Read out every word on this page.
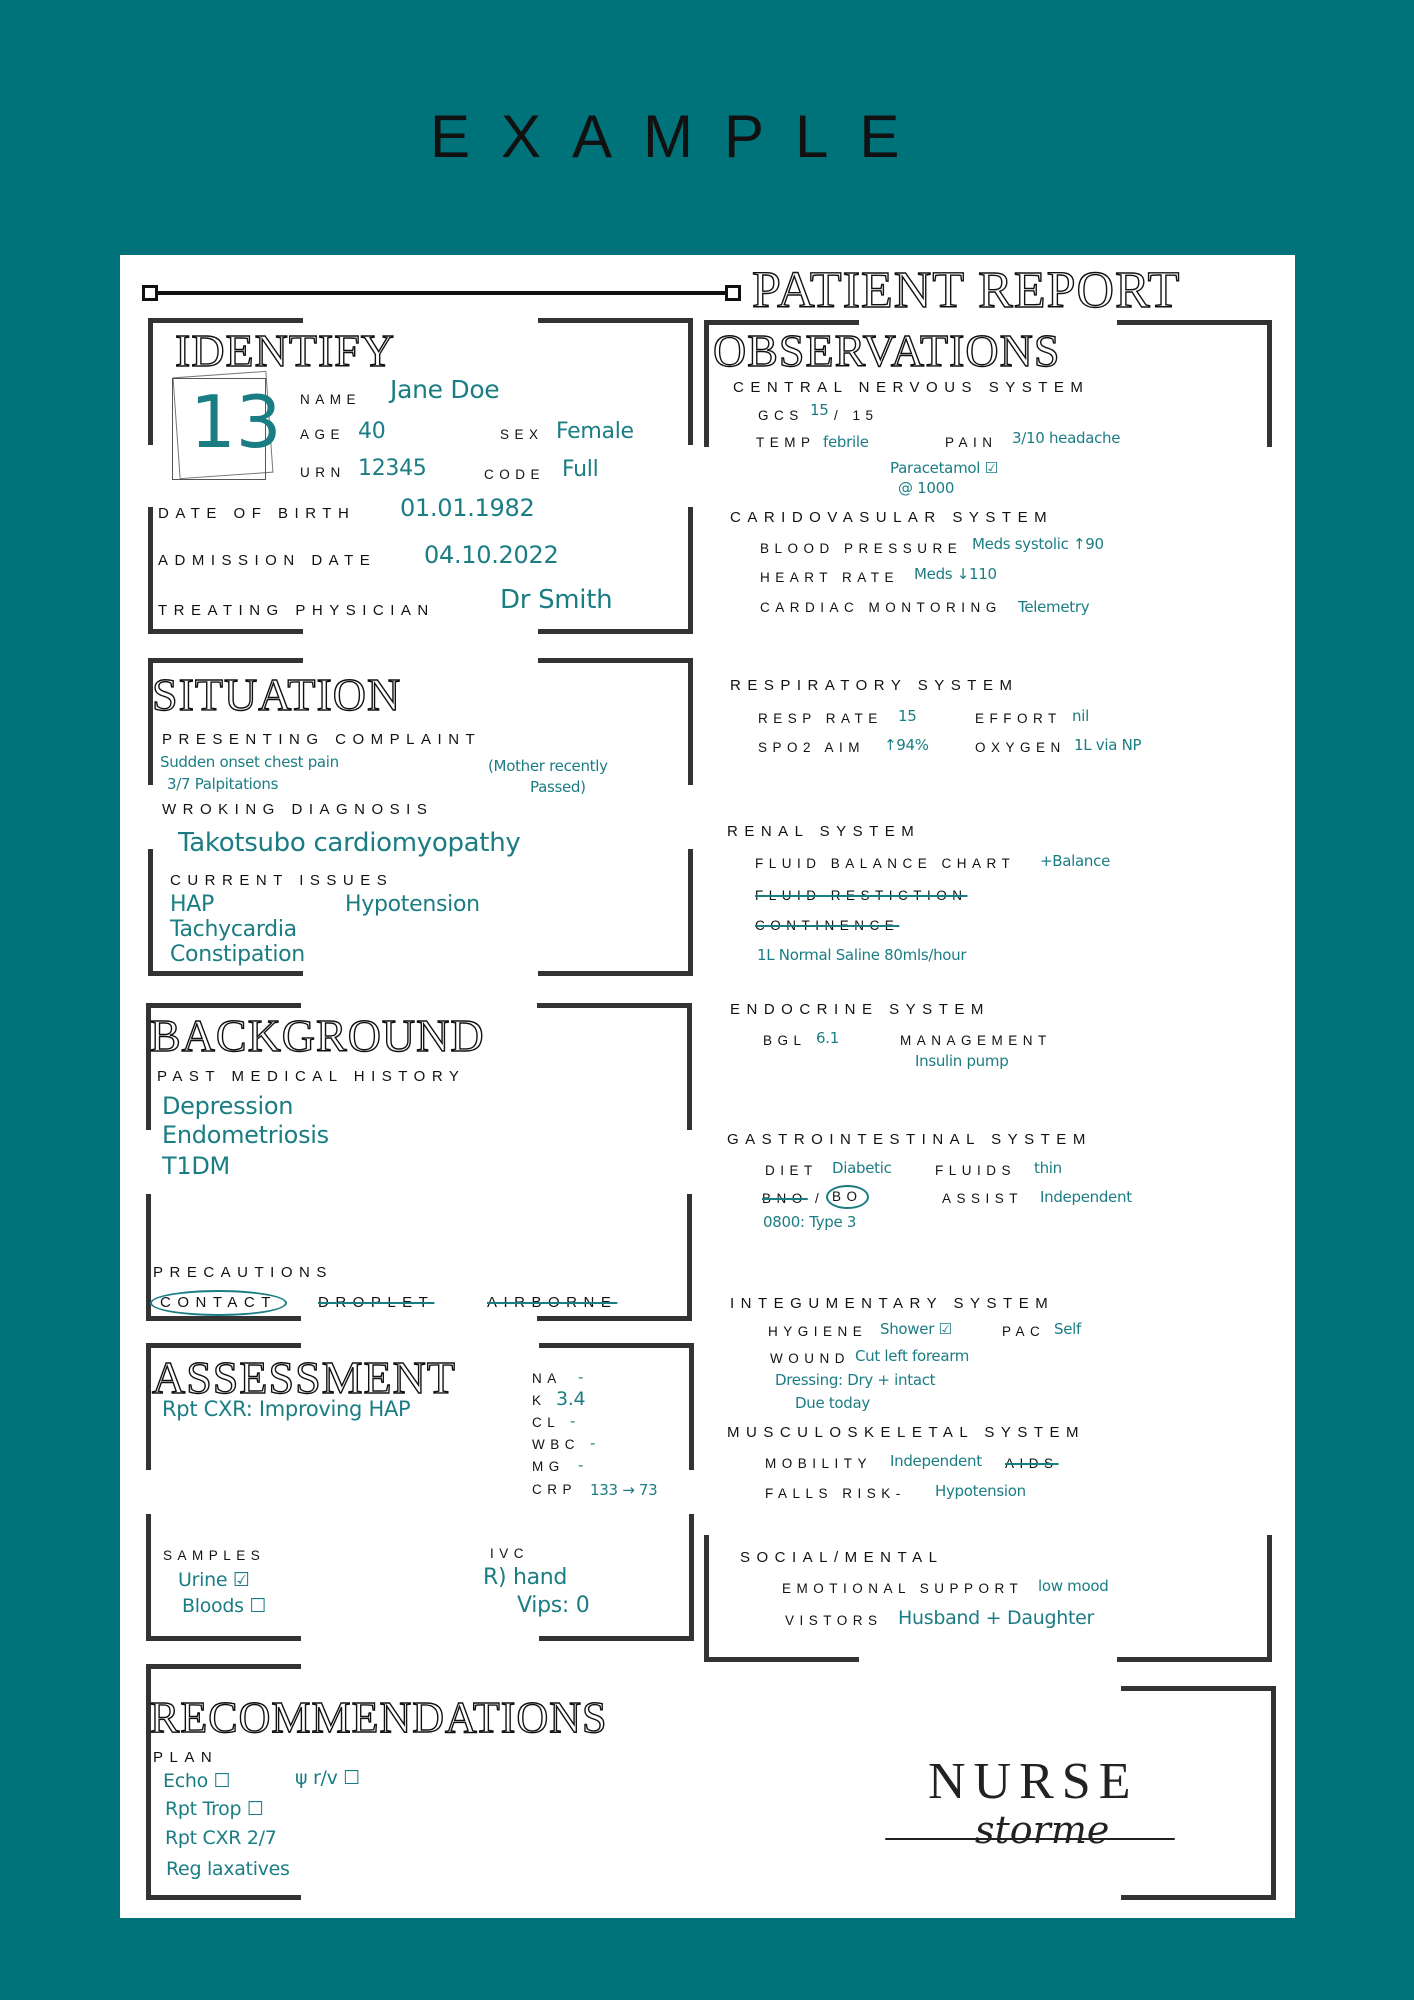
EXAMPLE
PATIENT REPORT
IDENTIFY
13 NAME Jane Doe
AGE 40	SEX Female
URN 12345	CODE Full
DATE OF BIRTH 01.01.1982
ADMISSION DATE 04.10.2022
TREATING PHYSICIAN	Dr Smith
SITUATION
PRESENTING COMPLAINT
Sudden onset chest pain
3/7 Palpitations
(Mother recently
Passed)
WROKING DIAGNOSIS
Takotsubo cardiomyopathy
CURRENT ISSUES
HAP	Hypotension
Tachycardia
Constipation
BACKGROUND
PAST MEDICAL HISTORY
Depression
Endometriosis
T1DM
PRECAUTIONS
CONTACT	DROPLET	AIRBORNE
ASSESSMENT
Rpt CXR: Improving HAP
NA -
K 3.4
CL -
WBC -
MG -
CRP 133 → 73
SAMPLES
Urine ☑
Bloods ☐
IVC
R) hand
Vips: 0
RECOMMENDATIONS
PLAN
Echo ☐	ψ r/v ☐
Rpt Trop ☐
Rpt CXR 2/7
Reg laxatives
OBSERVATIONS
CENTRAL NERVOUS SYSTEM
GCS 15 / 15
TEMP febrile	PAIN 3/10 headache
Paracetamol ☑
@ 1000
CARIDOVASULAR SYSTEM
BLOOD PRESSURE Meds systolic ↑90
HEART RATE Meds ↓110
CARDIAC MONTORING Telemetry
RESPIRATORY SYSTEM
RESP RATE 15	EFFORT nil
SPO2 AIM ↑94%	OXYGEN 1L via NP
RENAL SYSTEM
FLUID BALANCE CHART +Balance
FLUID RESTICTION
CONTINENCE
1L Normal Saline 80mls/hour
ENDOCRINE SYSTEM
BGL 6.1	MANAGEMENT
Insulin pump
GASTROINTESTINAL SYSTEM
DIET Diabetic	FLUIDS thin
BNO / BO	ASSIST Independent
0800: Type 3
INTEGUMENTARY SYSTEM
HYGIENE Shower ☑	PAC Self
WOUND Cut left forearm
Dressing: Dry + intact
Due today
MUSCULOSKELETAL SYSTEM
MOBILITY Independent AIDS
FALLS RISK- Hypotension
SOCIAL/MENTAL
EMOTIONAL SUPPORT low mood
VISTORS Husband + Daughter
NURSE
storme
